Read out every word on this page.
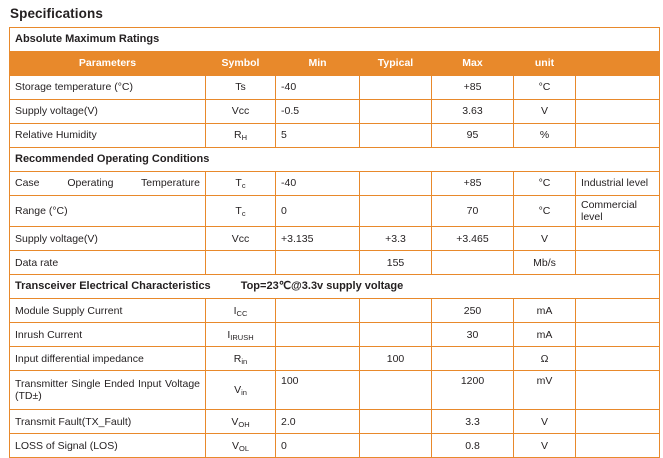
Specifications
Absolute Maximum Ratings						
Parameters	Symbol	Min	Typical	Max	unit	
Storage temperature (°C)	Ts	-40		+85	°C	
Supply voltage(V)	Vcc	-0.5		3.63	V	
Relative Humidity	$R_H$	5		95	%	
Recommended Operating Conditions						
Case Operating Temperature	$T_c$	-40		+85	°C	Industrial level
Range (°C)	$T_c$	0		70	°C	Commercial level
Supply voltage(V)	Vcc	+3.135	+3.3	+3.465	V	
Data rate			155		Mb/s	

Transceiver Electrical Characteristics Top=23℃@3.3v supply voltage						

Module Supply Current	$I_{CC}$			250	mA	
Inrush Current	$I_{IRUSH}$			30	mA	
Input differential impedance	$R_{in}$		100		Ω	
Transmitter Single Ended Input Voltage (TD±)	$V_{in}$	100		1200	mV	
Transmit Fault(TX_Fault)	$V_{OH}$	2.0		3.3	V	
LOSS of Signal (LOS)	$V_{OL}$	0		0.8	V	
